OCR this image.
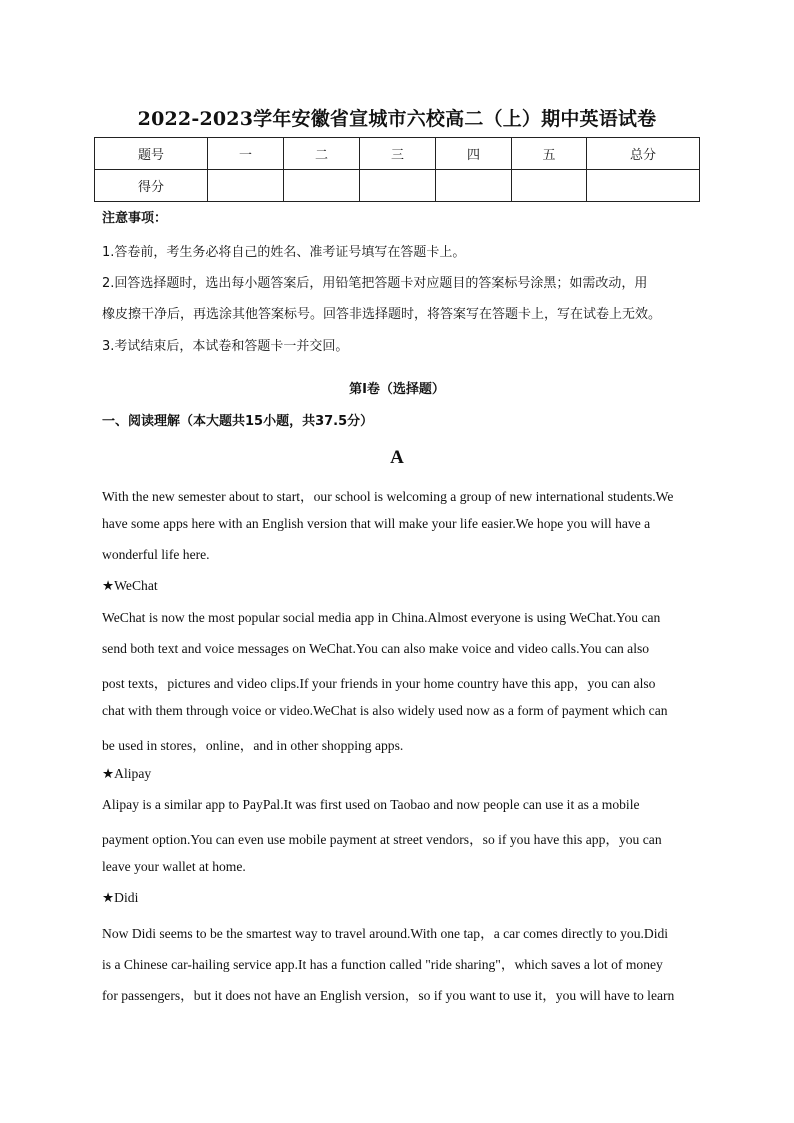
2022-2023学年安徽省宣城市六校高二（上）期中英语试卷
题号	一	二	三	四	五	总分
得分						
注意事项：
1.答卷前，考生务必将自己的姓名、准考证号填写在答题卡上。
2.回答选择题时，选出每小题答案后，用铅笔把答题卡对应题目的答案标号涂黑；如需改动，用
橡皮擦干净后，再选涂其他答案标号。回答非选择题时，将答案写在答题卡上，写在试卷上无效。
3.考试结束后，本试卷和答题卡一并交回。
第I卷（选择题）
一、阅读理解（本大题共15小题，共37.5分）
A
With the new semester about to start，our school is welcoming a group of new international students.We
have some apps here with an English version that will make your life easier.We hope you will have a
wonderful life here.
★WeChat
WeChat is now the most popular social media app in China.Almost everyone is using WeChat.You can
send both text and voice messages on WeChat.You can also make voice and video calls.You can also
post texts，pictures and video clips.If your friends in your home country have this app，you can also
chat with them through voice or video.WeChat is also widely used now as a form of payment which can
be used in stores，online，and in other shopping apps.
★Alipay
Alipay is a similar app to PayPal.It was first used on Taobao and now people can use it as a mobile
payment option.You can even use mobile payment at street vendors，so if you have this app，you can
leave your wallet at home.
★Didi
Now Didi seems to be the smartest way to travel around.With one tap，a car comes directly to you.Didi
is a Chinese car-hailing service app.It has a function called "ride sharing"，which saves a lot of money
for passengers，but it does not have an English version，so if you want to use it，you will have to learn
